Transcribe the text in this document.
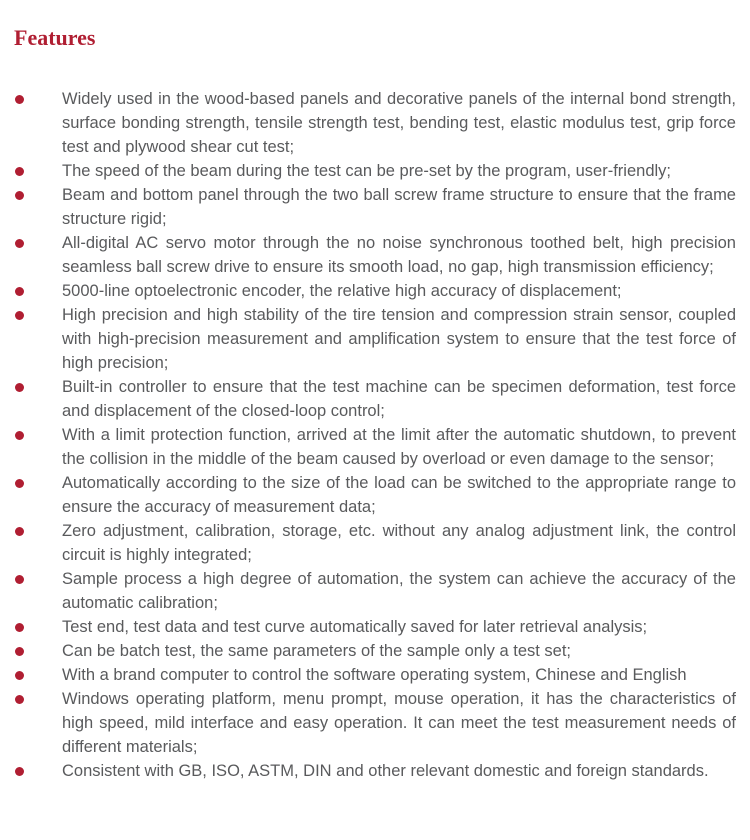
Features
Widely used in the wood-based panels and decorative panels of the internal bond strength, surface bonding strength, tensile strength test, bending test, elastic modulus test, grip force test and plywood shear cut test;
The speed of the beam during the test can be pre-set by the program, user-friendly;
Beam and bottom panel through the two ball screw frame structure to ensure that the frame structure rigid;
All-digital AC servo motor through the no noise synchronous toothed belt, high precision seamless ball screw drive to ensure its smooth load, no gap, high transmission efficiency;
5000-line optoelectronic encoder, the relative high accuracy of displacement;
High precision and high stability of the tire tension and compression strain sensor, coupled with high-precision measurement and amplification system to ensure that the test force of high precision;
Built-in controller to ensure that the test machine can be specimen deformation, test force and displacement of the closed-loop control;
With a limit protection function, arrived at the limit after the automatic shutdown, to prevent the collision in the middle of the beam caused by overload or even damage to the sensor;
Automatically according to the size of the load can be switched to the appropriate range to ensure the accuracy of measurement data;
Zero adjustment, calibration, storage, etc. without any analog adjustment link, the control circuit is highly integrated;
Sample process a high degree of automation, the system can achieve the accuracy of the automatic calibration;
Test end, test data and test curve automatically saved for later retrieval analysis;
Can be batch test, the same parameters of the sample only a test set;
With a brand computer to control the software operating system, Chinese and English
Windows operating platform, menu prompt, mouse operation, it has the characteristics of high speed, mild interface and easy operation. It can meet the test measurement needs of different materials;
Consistent with GB, ISO, ASTM, DIN and other relevant domestic and foreign standards.
